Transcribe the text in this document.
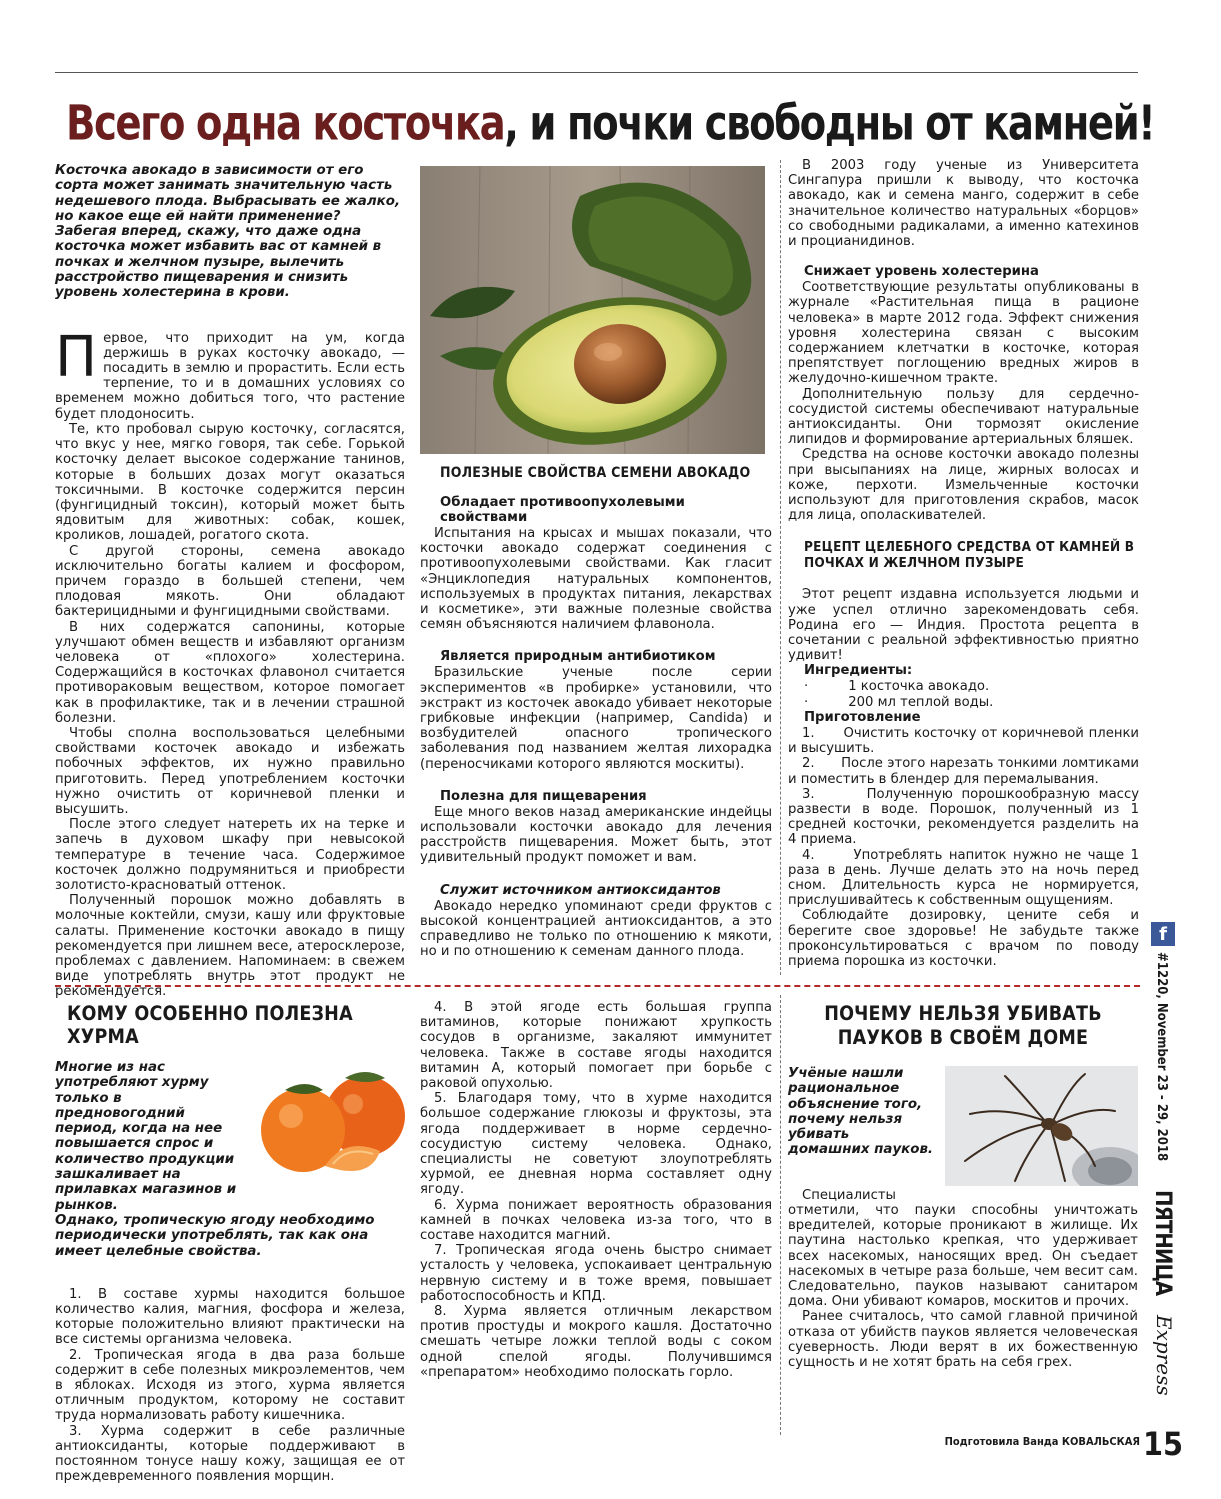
Всего одна косточка, и почки свободны от камней!

Косточка авокадо в зависимости от его сорта может занимать значительную часть недешевого плода. Выбрасывать ее жалко, но какое еще ей найти применение? Забегая вперед, скажу, что даже одна косточка может избавить вас от камней в почках и желчном пузыре, вылечить расстройство пищеварения и снизить уровень холестерина в крови.

Первое, что приходит на ум, когда держишь в руках косточку авокадо, — посадить в землю и прорастить. Если есть терпение, то и в домашних условиях со временем можно добиться того, что растение будет плодоносить.

Те, кто пробовал сырую косточку, согласятся, что вкус у нее, мягко говоря, так себе. Горькой косточку делает высокое содержание танинов, которые в больших дозах могут оказаться токсичными. В косточке содержится персин (фунгицидный токсин), который может быть ядовитым для животных: собак, кошек, кроликов, лошадей, рогатого скота.

С другой стороны, семена авокадо исключительно богаты калием и фосфором, причем гораздо в большей степени, чем плодовая мякоть. Они обладают бактерицидными и фунгицидными свойствами.

В них содержатся сапонины, которые улучшают обмен веществ и избавляют организм человека от «плохого» холестерина. Содержащийся в косточках флавонол считается противораковым веществом, которое помогает как в профилактике, так и в лечении страшной болезни.

Чтобы сполна воспользоваться целебными свойствами косточек авокадо и избежать побочных эффектов, их нужно правильно приготовить. Перед употреблением косточки нужно очистить от коричневой пленки и высушить.

После этого следует натереть их на терке и запечь в духовом шкафу при невысокой температуре в течение часа. Содержимое косточек должно подрумяниться и приобрести золотисто-красноватый оттенок.

Полученный порошок можно добавлять в молочные коктейли, смузи, кашу или фруктовые салаты. Применение косточки авокадо в пищу рекомендуется при лишнем весе, атеросклерозе, проблемах с давлением. Напоминаем: в свежем виде употреблять внутрь этот продукт не рекомендуется.

ПОЛЕЗНЫЕ СВОЙСТВА СЕМЕНИ АВОКАДО

Обладает противоопухолевыми свойствами

Испытания на крысах и мышах показали, что косточки авокадо содержат соединения с противоопухолевыми свойствами. Как гласит «Энциклопедия натуральных компонентов, используемых в продуктах питания, лекарствах и косметике», эти важные полезные свойства семян объясняются наличием флавонола.

Является природным антибиотиком

Бразильские ученые после серии экспериментов «в пробирке» установили, что экстракт из косточек авокадо убивает некоторые грибковые инфекции (например, Candida) и возбудителей опасного тропического заболевания под названием желтая лихорадка (переносчиками которого являются москиты).

Полезна для пищеварения

Еще много веков назад американские индейцы использовали косточки авокадо для лечения расстройств пищеварения. Может быть, этот удивительный продукт поможет и вам.

Служит источником антиоксидантов

Авокадо нередко упоминают среди фруктов с высокой концентрацией антиоксидантов, а это справедливо не только по отношению к мякоти, но и по отношению к семенам данного плода.

В 2003 году ученые из Университета Сингапура пришли к выводу, что косточка авокадо, как и семена манго, содержит в себе значительное количество натуральных «борцов» со свободными радикалами, а именно катехинов и процианидинов.

Снижает уровень холестерина

Соответствующие результаты опубликованы в журнале «Растительная пища в рационе человека» в марте 2012 года. Эффект снижения уровня холестерина связан с высоким содержанием клетчатки в косточке, которая препятствует поглощению вредных жиров в желудочно-кишечном тракте.

Дополнительную пользу для сердечно-сосудистой системы обеспечивают натуральные антиоксиданты. Они тормозят окисление липидов и формирование артериальных бляшек.

Средства на основе косточки авокадо полезны при высыпаниях на лице, жирных волосах и коже, перхоти. Измельченные косточки используют для приготовления скрабов, масок для лица, ополаскивателей.

РЕЦЕПТ ЦЕЛЕБНОГО СРЕДСТВА ОТ КАМНЕЙ В ПОЧКАХ И ЖЕЛЧНОМ ПУЗЫРЕ

Этот рецепт издавна используется людьми и уже успел отлично зарекомендовать себя. Родина его — Индия. Простота рецепта в сочетании с реальной эффективностью приятно удивит!

Ингредиенты:

·	1 косточка авокадо.
·	200 мл теплой воды.

Приготовление

1.      Очистить косточку от коричневой пленки и высушить.

2.      После этого нарезать тонкими ломтиками и поместить в блендер для перемалывания.

3.      Полученную порошкообразную массу развести в воде. Порошок, полученный из 1 средней косточки, рекомендуется разделить на 4 приема.

4.      Употреблять напиток нужно не чаще 1 раза в день. Лучше делать это на ночь перед сном. Длительность курса не нормируется, прислушивайтесь к собственным ощущениям.

Соблюдайте дозировку, цените себя и берегите свое здоровье! Не забудьте также проконсультироваться с врачом по поводу приема порошка из косточки.

КОМУ ОСОБЕННО ПОЛЕЗНА ХУРМА

Многие из нас употребляют хурму только в предновогодний период, когда на нее повышается спрос и количество продукции зашкаливает на прилавках магазинов и рынков.

Однако, тропическую ягоду необходимо периодически употреблять, так как она имеет целебные свойства.

1. В составе хурмы находится большое количество калия, магния, фосфора и железа, которые положительно влияют практически на все системы организма человека.

2. Тропическая ягода в два раза больше содержит в себе полезных микроэлементов, чем в яблоках. Исходя из этого, хурма является отличным продуктом, которому не составит труда нормализовать работу кишечника.

3. Хурма содержит в себе различные антиоксиданты, которые поддерживают в постоянном тонусе нашу кожу, защищая ее от преждевременного появления морщин.

4. В этой ягоде есть большая группа витаминов, которые понижают хрупкость сосудов в организме, закаляют иммунитет человека. Также в составе ягоды находится витамин А, который помогает при борьбе с раковой опухолью.

5. Благодаря тому, что в хурме находится большое содержание глюкозы и фруктозы, эта ягода поддерживает в норме сердечно-сосудистую систему человека. Однако, специалисты не советуют злоупотреблять хурмой, ее дневная норма составляет одну ягоду.

6. Хурма понижает вероятность образования камней в почках человека из-за того, что в составе находится магний.

7. Тропическая ягода очень быстро снимает усталость у человека, успокаивает центральную нервную систему и в тоже время, повышает работоспособность и КПД.

8. Хурма является отличным лекарством против простуды и мокрого кашля. Достаточно смешать четыре ложки теплой воды с соком одной спелой ягоды. Получившимся «препаратом» необходимо полоскать горло.

ПОЧЕМУ НЕЛЬЗЯ УБИВАТЬ ПАУКОВ В СВОЁМ ДОМЕ

Учёные нашли рациональное объяснение того, почему нельзя убивать домашних пауков.

Специалисты отметили, что пауки способны уничтожать вредителей, которые проникают в жилище. Их паутина настолько крепкая, что удерживает всех насекомых, наносящих вред. Он съедает насекомых в четыре раза больше, чем весит сам. Следовательно, пауков называют санитаром дома. Они убивают комаров, москитов и прочих.

Ранее считалось, что самой главной причиной отказа от убийств пауков является человеческая суеверность. Люди верят в их божественную сущность и не хотят брать на себя грех.

Подготовила Ванда КОВАЛЬСКАЯ
f
#1220, November 23 - 29, 2018
ПЯТНИЦА
Express
15
